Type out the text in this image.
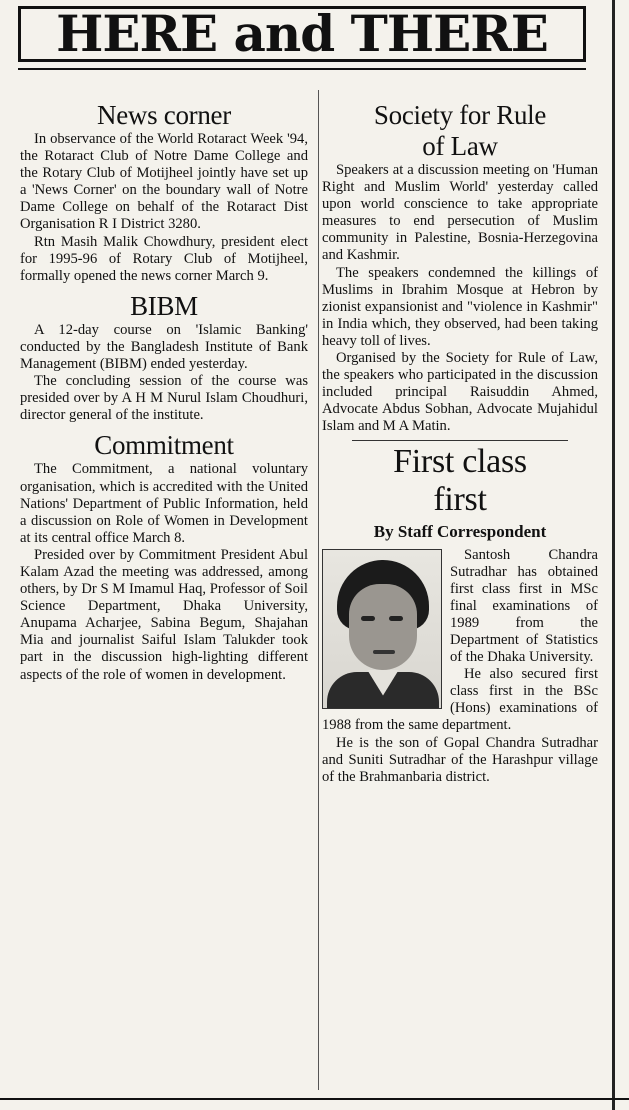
HERE and THERE
News corner

In observance of the World Rotaract Week '94, the Rotaract Club of Notre Dame College and the Rotary Club of Motijheel jointly have set up a 'News Corner' on the boundary wall of Notre Dame College on behalf of the Rotaract Dist Organisation R I District 3280.

Rtn Masih Malik Chowdhury, president elect for 1995-96 of Rotary Club of Motijheel, formally opened the news corner March 9.

BIBM

A 12-day course on 'Islamic Banking' conducted by the Bangladesh Institute of Bank Management (BIBM) ended yesterday.

The concluding session of the course was presided over by A H M Nurul Islam Choudhuri, director general of the institute.

Commitment

The Commitment, a national voluntary organisation, which is accredited with the United Nations' Department of Public Information, held a discussion on Role of Women in Development at its central office March 8.

Presided over by Commitment President Abul Kalam Azad the meeting was addressed, among others, by Dr S M Imamul Haq, Professor of Soil Science Department, Dhaka University, Anupama Acharjee, Sabina Begum, Shajahan Mia and journalist Saiful Islam Talukder took part in the discussion high-lighting different aspects of the role of women in development.

Society for Rule
of Law

Speakers at a discussion meeting on 'Human Right and Muslim World' yesterday called upon world conscience to take appropriate measures to end persecution of Muslim community in Palestine, Bosnia-Herzegovina and Kashmir.

The speakers condemned the killings of Muslims in Ibrahim Mosque at Hebron by zionist expansionist and "violence in Kashmir" in India which, they observed, had been taking heavy toll of lives.

Organised by the Society for Rule of Law, the speakers who participated in the discussion included principal Raisuddin Ahmed, Advocate Abdus Sobhan, Advocate Mujahidul Islam and M A Matin.

First class
first
By Staff Correspondent

Santosh Chandra Sutradhar has obtained first class first in MSc final examinations of 1989 from the Department of Statistics of the Dhaka University.

He also secured first class first in the BSc (Hons) examinations of 1988 from the same department.

He is the son of Gopal Chandra Sutradhar and Suniti Sutradhar of the Harashpur village of the Brahmanbaria district.
